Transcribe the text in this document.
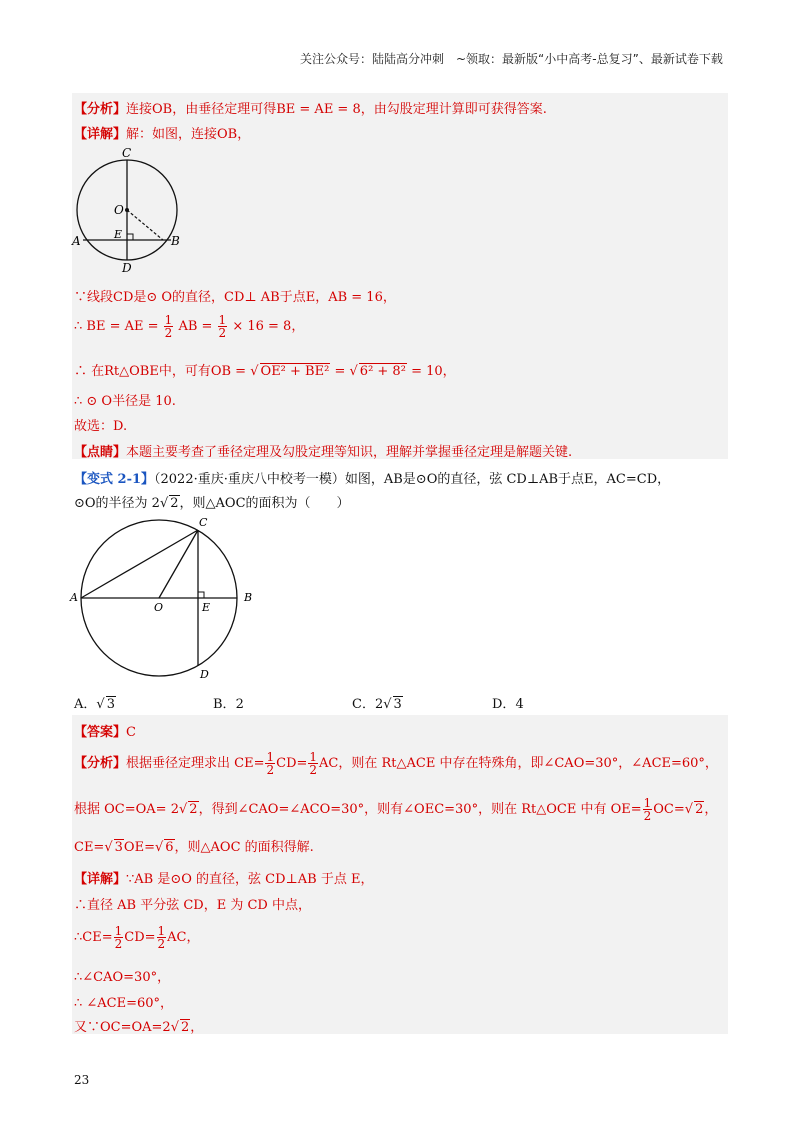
关注公众号：陆陆高分冲刺　~领取：最新版“小中高考-总复习”、最新试卷下载
【分析】连接OB，由垂径定理可得BE = AE = 8，由勾股定理计算即可获得答案.
【详解】解：如图，连接OB，
C
O
E
A	B
D
∵线段CD是⊙ O的直径，CD⊥ AB于点E，AB = 16，
∴ BE = AE = $\frac{1}{2}$ AB = $\frac{1}{2} \times 16 = 8$，
∴ 在Rt△OBE中，可有OB = √ OE² + BE² = √ 6² + 8² = 10，
∴ ⊙ O半径是 10.
故选：D.
【点睛】本题主要考查了垂径定理及勾股定理等知识，理解并掌握垂径定理是解题关键.
【变式 2-1】（2022·重庆·重庆八中校考一模）如图，AB是⊙O的直径，弦 CD⊥AB于点E，AC=CD，
⊙O的半径为 2√ 2，则△AOC的面积为（　　）
C
A	B
O	E
D
A．√ 3	B．2	C．2√ 3	D．4
【答案】C
【分析】根据垂径定理求出 $CE= \frac{1}{2} CD= \frac{1}{2}$ AC，则在 Rt△ACE 中存在特殊角，即∠CAO=30°，∠ACE=60°，
根据 OC=OA= 2√ 2，得到∠CAO=∠ACO=30°，则有∠OEC=30°，则在 Rt△OCE 中有 $OE= \frac{1}{2} OC=√$ 2，
CE=√ 3OE=√ 6，则△AOC 的面积得解.
【详解】∵AB 是⊙O 的直径，弦 CD⊥AB 于点 E，
∴直径 AB 平分弦 CD，E 为 CD 中点，
∴CE= $\frac{1}{2} CD= \frac{1}{2}$ AC，
∴∠CAO=30°，
∴ ∠ACE=60°，
又∵OC=OA=2√ 2，
23
